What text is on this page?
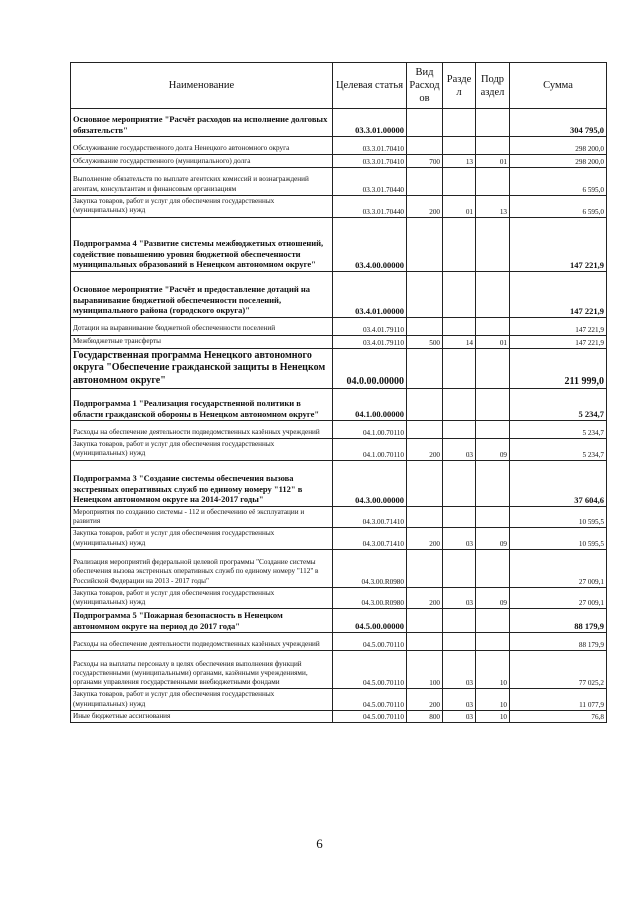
Наименование	Целевая статья	Вид Расход ов	Разде л	Подр аздел	Сумма
Основное мероприятие "Расчёт расходов на исполнение долговых обязательств"	03.3.01.00000				304 795,0
Обслуживание государственного долга Ненецкого автономного округа	03.3.01.70410				298 200,0
Обслуживание государственного (муниципального) долга	03.3.01.70410	700	13	01	298 200,0
Выполнение обязательств по выплате агентских комиссий и вознаграждений агентам, консультантам и финансовым организациям	03.3.01.70440				6 595,0
Закупка товаров, работ и услуг для обеспечения государственных (муниципальных) нужд	03.3.01.70440	200	01	13	6 595,0
Подпрограмма 4 "Развитие системы межбюджетных отношений, содействие повышению уровня бюджетной обеспеченности муниципальных образований в Ненецком автономном округе"	03.4.00.00000				147 221,9
Основное мероприятие "Расчёт и предоставление дотаций на выравнивание бюджетной обеспеченности поселений, муниципального района (городского округа)"	03.4.01.00000				147 221,9
Дотации на выравнивание бюджетной обеспеченности поселений	03.4.01.79110				147 221,9
Межбюджетные трансферты	03.4.01.79110	500	14	01	147 221,9
Государственная программа Ненецкого автономного округа "Обеспечение гражданской защиты в Ненецком автономном округе"	04.0.00.00000				211 999,0
Подпрограмма 1 "Реализация государственной политики в области гражданской обороны в Ненецком автономном округе"	04.1.00.00000				5 234,7
Расходы на обеспечение деятельности подведомственных казённых учреждений	04.1.00.70110				5 234,7
Закупка товаров, работ и услуг для обеспечения государственных (муниципальных) нужд	04.1.00.70110	200	03	09	5 234,7
Подпрограмма 3 "Создание системы обеспечения вызова экстренных оперативных служб по единому номеру "112" в Ненецком автономном округе на 2014-2017 годы"	04.3.00.00000				37 604,6
Мероприятия по созданию системы - 112 и обеспечению её эксплуатации и развития	04.3.00.71410				10 595,5
Закупка товаров, работ и услуг для обеспечения государственных (муниципальных) нужд	04.3.00.71410	200	03	09	10 595,5
Реализация мероприятий федеральной целевой программы "Создание системы обеспечения вызова экстренных оперативных служб по единому номеру "112" в Российской Федерации на 2013 - 2017 годы"	04.3.00.R0980				27 009,1
Закупка товаров, работ и услуг для обеспечения государственных (муниципальных) нужд	04.3.00.R0980	200	03	09	27 009,1
Подпрограмма 5 "Пожарная безопасность в Ненецком автономном округе на период до 2017 года"	04.5.00.00000				88 179,9
Расходы на обеспечение деятельности подведомственных казённых учреждений	04.5.00.70110				88 179,9
Расходы на выплаты персоналу в целях обеспечения выполнения функций государственными (муниципальными) органами, казёнными учреждениями, органами управления государственными внебюджетными фондами	04.5.00.70110	100	03	10	77 025,2
Закупка товаров, работ и услуг для обеспечения государственных (муниципальных) нужд	04.5.00.70110	200	03	10	11 077,9
Иные бюджетные ассигнования	04.5.00.70110	800	03	10	76,8
6
